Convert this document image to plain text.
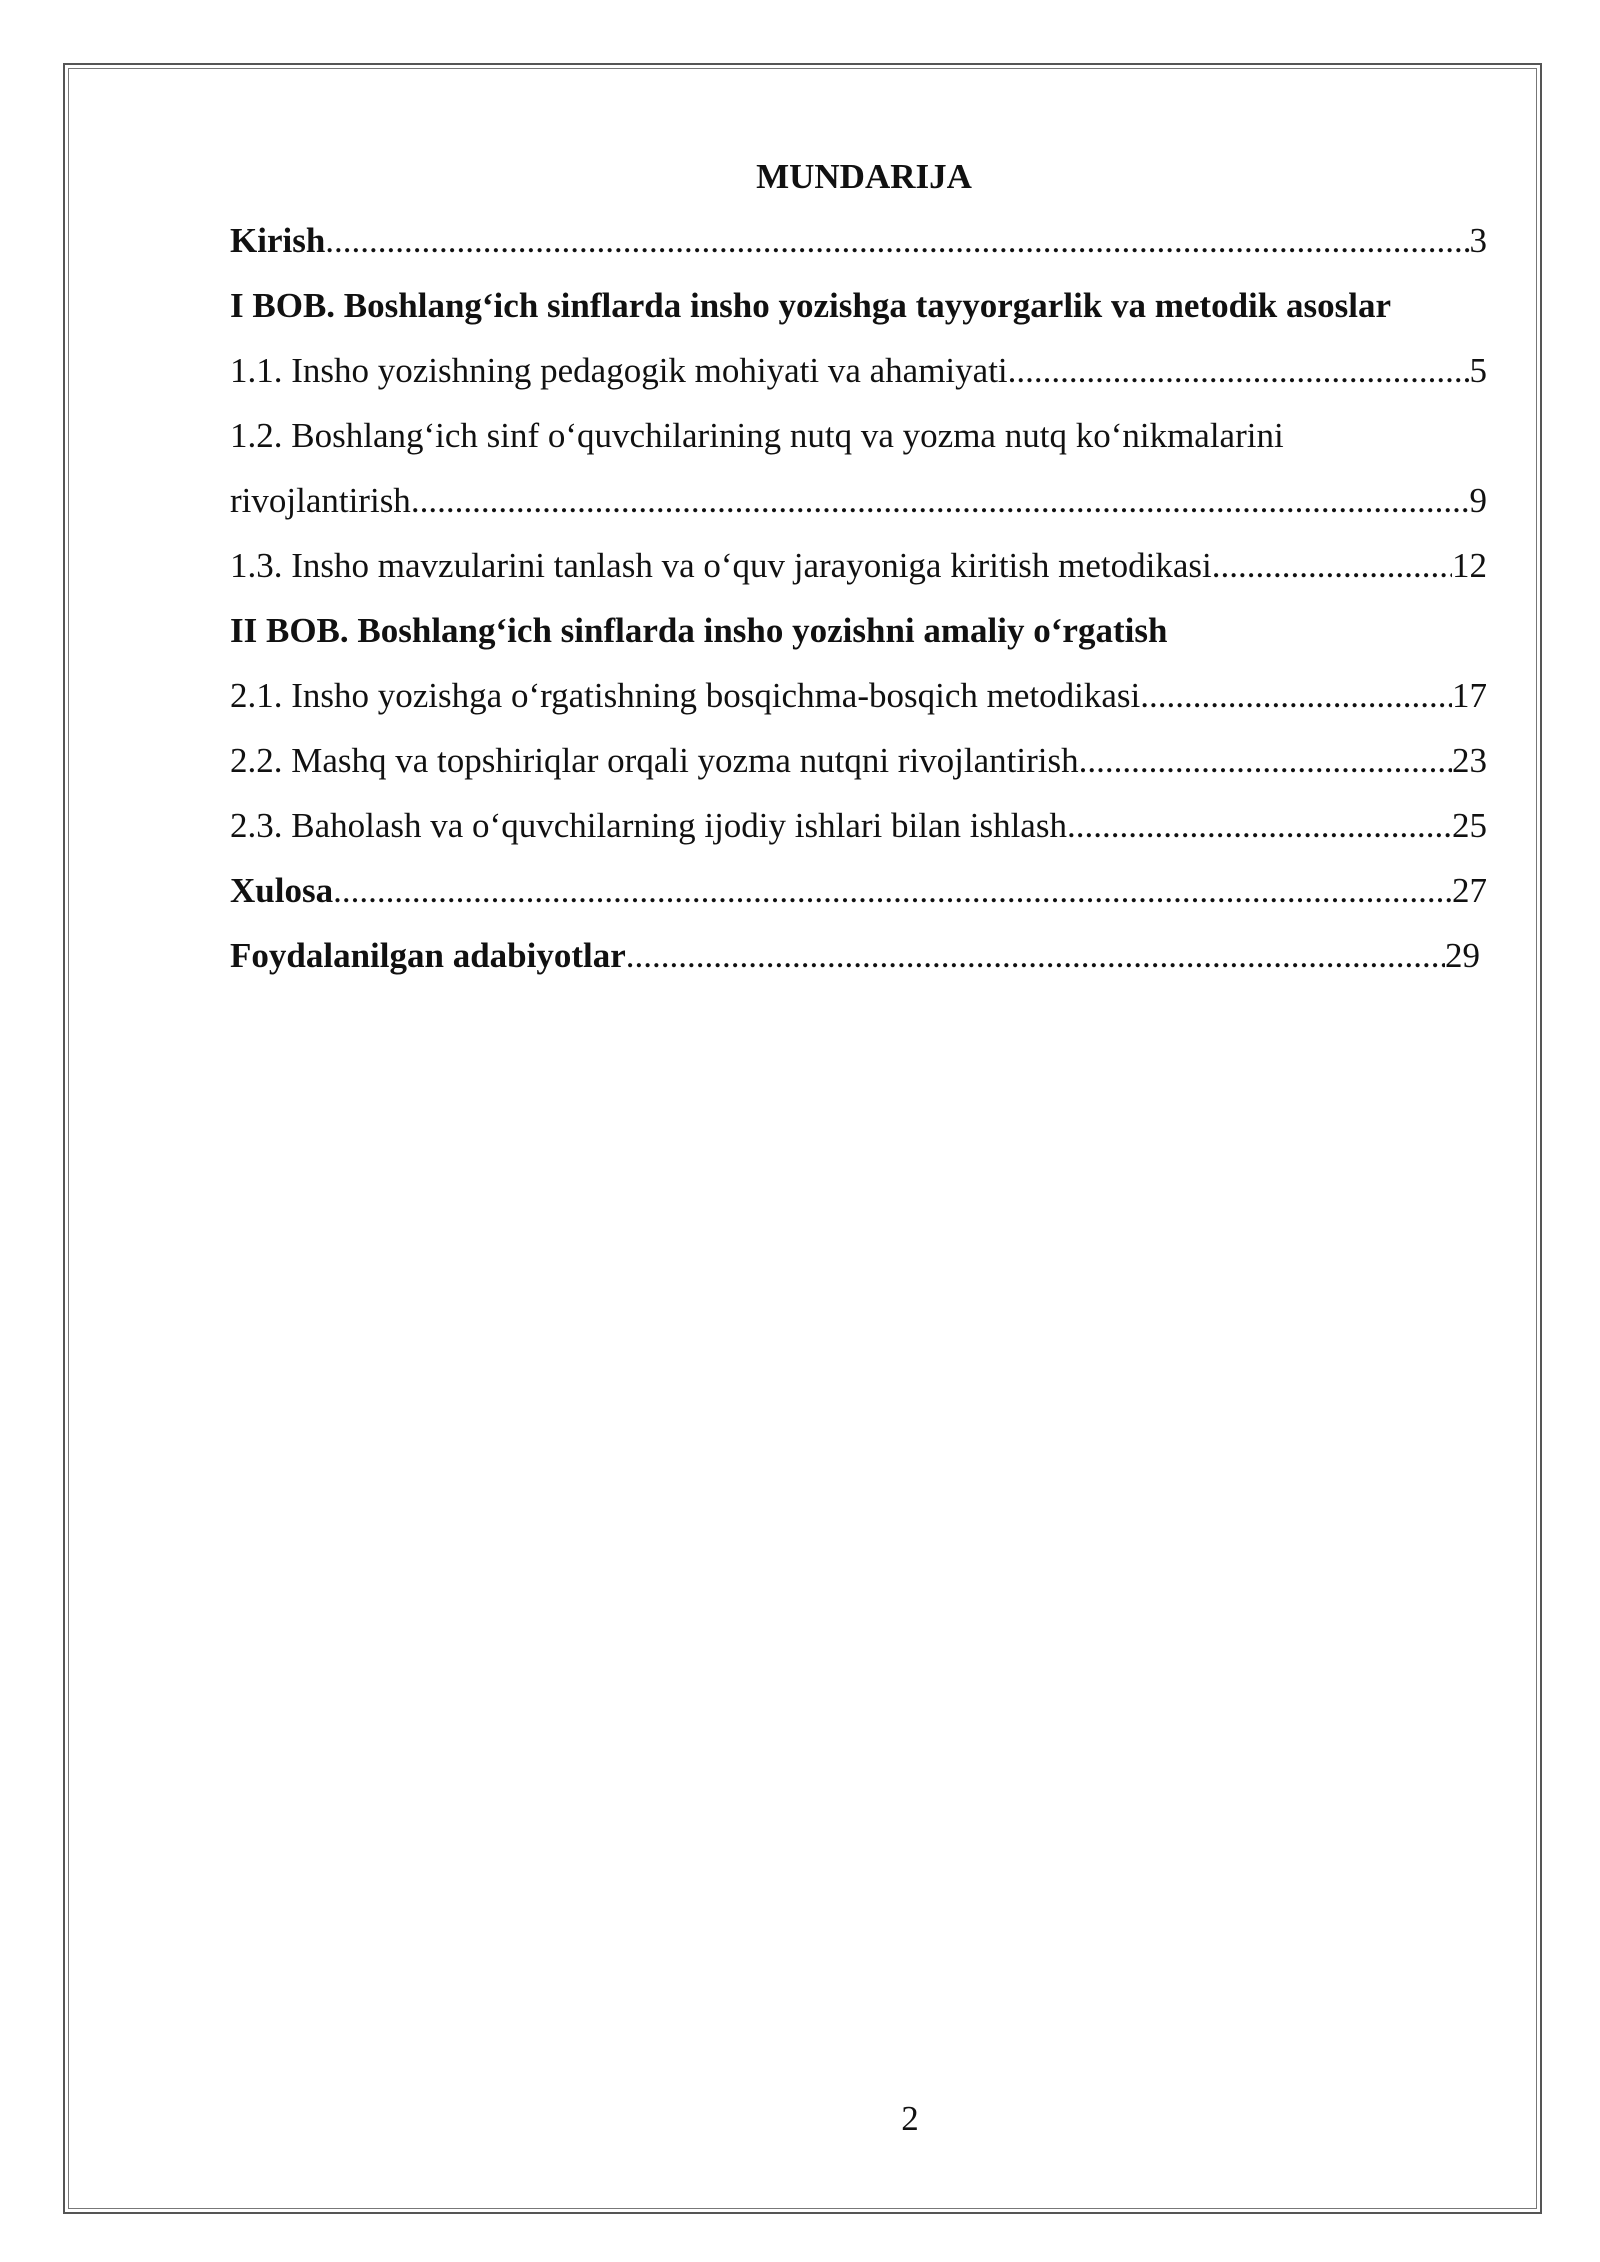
MUNDARIJA
Kirish .....	3
I BOB. Boshlang‘ich sinflarda insho yozishga tayyorgarlik va metodik asoslar
1.1. Insho yozishning pedagogik mohiyati va ahamiyati .....	5
1.2. Boshlang‘ich sinf o‘quvchilarining nutq va yozma nutq ko‘nikmalarini
rivojlantirish .....	9
1.3. Insho mavzularini tanlash va o‘quv jarayoniga kiritish metodikasi .....	12
II BOB. Boshlang‘ich sinflarda insho yozishni amaliy o‘rgatish
2.1. Insho yozishga o‘rgatishning bosqichma-bosqich metodikasi .....	17
2.2. Mashq va topshiriqlar orqali yozma nutqni rivojlantirish .....	23
2.3. Baholash va o‘quvchilarning ijodiy ishlari bilan ishlash .....	25
Xulosa .....	27
Foydalanilgan adabiyotlar .....	29
2
